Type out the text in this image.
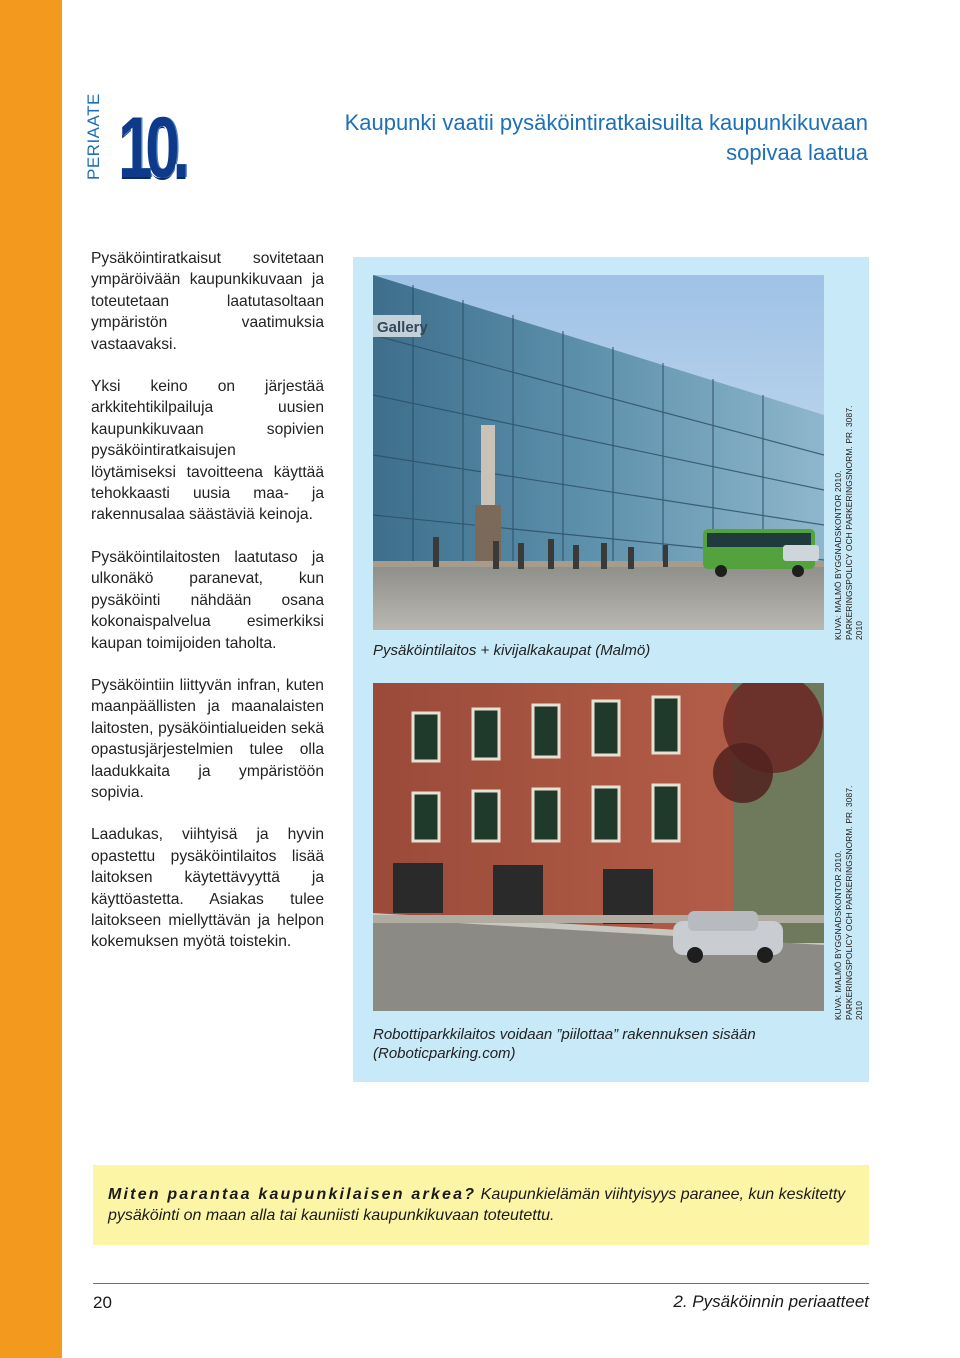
PERIAATE 10.	Kaupunki vaatii pysäköintiratkaisuilta kaupunkikuvaan
sopivaa laatua

Pysäköintiratkaisut sovitetaan ympäröivään kaupunkikuvaan ja toteutetaan laatutasoltaan ympäristön vaatimuksia vastaavaksi.

Yksi keino on järjestää arkkitehtikilpailuja uusien kaupunkikuvaan sopivien pysäköintiratkaisujen löytämiseksi tavoitteena käyttää tehokkaasti uusia maa- ja rakennusalaa säästäviä keinoja.

Pysäköintilaitosten laatutaso ja ulkonäkö paranevat, kun pysäköinti nähdään osana kokonaispalvelua esimerkiksi kaupan toimijoiden taholta.

Pysäköintiin liittyvän infran, kuten maanpäällisten ja maanalaisten laitosten, pysäköintialueiden sekä opastusjärjestelmien tulee olla laadukkaita ja ympäristöön sopivia.

Laadukas, viihtyisä ja hyvin opastettu pysäköintilaitos lisää laitoksen käytettävyyttä ja käyttöastetta. Asiakas tulee laitokseen miellyttävän ja helpon kokemuksen myötä toistekin.

Gallery
Pysäköintilaitos + kivijalkakaupat (Malmö)
KUVA: MALMÖ BYGGNADSKONTOR 2010. PARKERINGSPOLICY OCH PARKERINGSNORM. PR. 3087. 2010
Robottiparkkilaitos voidaan ”piilottaa” rakennuksen sisään
(Roboticparking.com)
KUVA: MALMÖ BYGGNADSKONTOR 2010. PARKERINGSPOLICY OCH PARKERINGSNORM. PR. 3087. 2010
Miten parantaa kaupunkilaisen arkea? Kaupunkielämän viihtyisyys paranee, kun keskitetty pysäköinti on maan alla tai kauniisti kaupunkikuvaan toteutettu.
20	2. Pysäköinnin periaatteet
